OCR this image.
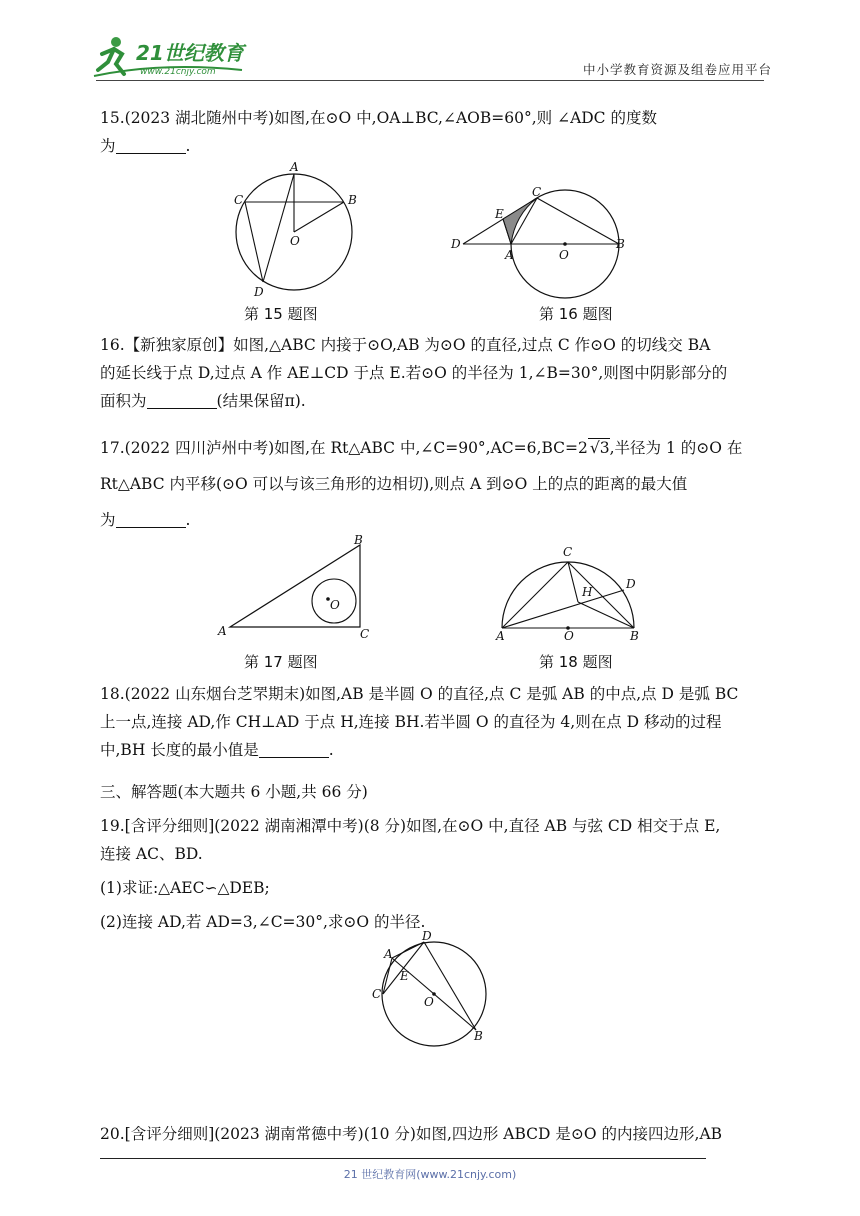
21世纪教育
www.21cnjy.com	中小学教育资源及组卷应用平台
15.(2023 湖北随州中考)如图,在⊙O 中,OA⊥BC,∠AOB=60°,则 ∠ADC 的度数
为	.
A
B
C
O
D
第 15 题图
D
E
C
A	O
B
第 16 题图
16.【新独家原创】如图,△ABC 内接于⊙O,AB 为⊙O 的直径,过点 C 作⊙O 的切线交 BA
的延长线于点 D,过点 A 作 AE⊥CD 于点 E.若⊙O 的半径为 1,∠B=30°,则图中阴影部分的
面积为	(结果保留π).
17.(2022 四川泸州中考)如图,在 Rt△ABC 中,∠C=90°,AC=6,BC=2 √3,半径为 1 的⊙O 在
Rt△ABC 内平移(⊙O 可以与该三角形的边相切),则点 A 到⊙O 上的点的距离的最大值
为	.
A
B
C
O
第 17 题图
C
H
D
A	O	B
第 18 题图
18.(2022 山东烟台芝罘期末)如图,AB 是半圆 O 的直径,点 C 是弧 AB 的中点,点 D 是弧 BC
上一点,连接 AD,作 CH⊥AD 于点 H,连接 BH.若半圆 O 的直径为 4,则在点 D 移动的过程
中,BH 长度的最小值是	.
三、解答题(本大题共 6 小题,共 66 分)
19.[含评分细则](2022 湖南湘潭中考)(8 分)如图,在⊙O 中,直径 AB 与弦 CD 相交于点 E,
连接 AC、BD.
(1)求证:△AEC∽△DEB;
(2)连接 AD,若 AD=3,∠C=30°,求⊙O 的半径.
D
A
E
C
O
B
20.[含评分细则](2023 湖南常德中考)(10 分)如图,四边形 ABCD 是⊙O 的内接四边形,AB
21 世纪教育网(www.21cnjy.com)
